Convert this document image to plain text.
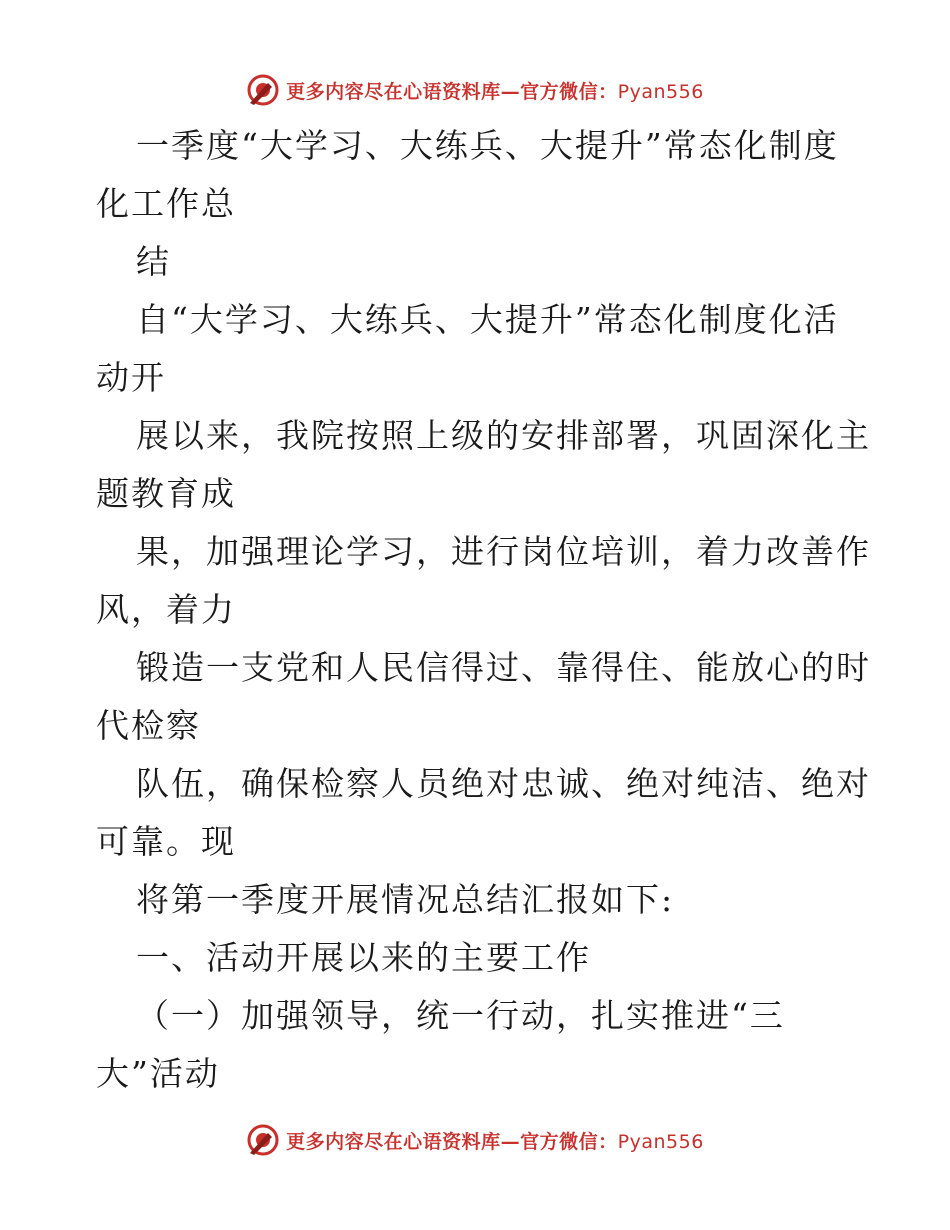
更多内容尽在心语资料库—官方微信：Pyan556
一季度“大学习、大练兵、大提升”常态化制度
化工作总
结
自“大学习、大练兵、大提升”常态化制度化活
动开
展以来，我院按照上级的安排部署，巩固深化主
题教育成
果，加强理论学习，进行岗位培训，着力改善作
风，着力
锻造一支党和人民信得过、靠得住、能放心的时
代检察
队伍，确保检察人员绝对忠诚、绝对纯洁、绝对
可靠。现
将第一季度开展情况总结汇报如下:
一、活动开展以来的主要工作
（一）加强领导，统一行动，扎实推进“三
大”活动
更多内容尽在心语资料库—官方微信：Pyan556
